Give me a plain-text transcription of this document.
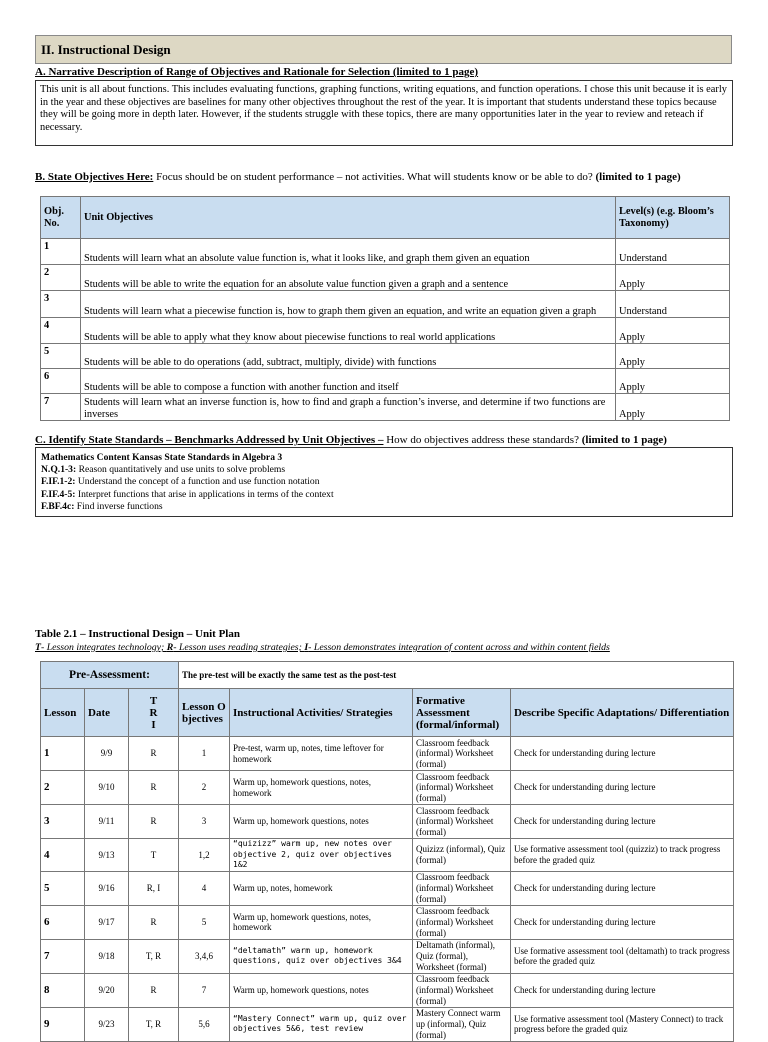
II. Instructional Design
A. Narrative Description of Range of Objectives and Rationale for Selection (limited to 1 page)
This unit is all about functions. This includes evaluating functions, graphing functions, writing equations, and function operations. I chose this unit because it is early in the year and these objectives are baselines for many other objectives throughout the rest of the year. It is important that students understand these topics because they will be going more in depth later. However, if the students struggle with these topics, there are many opportunities later in the year to review and reteach if necessary.
B. State Objectives Here: Focus should be on student performance – not activities. What will students know or be able to do? (limited to 1 page)
Obj. No.	Unit Objectives	Level(s) (e.g. Bloom’s Taxonomy)
1	Students will learn what an absolute value function is, what it looks like, and graph them given an equation	Understand
2	Students will be able to write the equation for an absolute value function given a graph and a sentence	Apply
3	Students will learn what a piecewise function is, how to graph them given an equation, and write an equation given a graph	Understand
4	Students will be able to apply what they know about piecewise functions to real world applications	Apply
5	Students will be able to do operations (add, subtract, multiply, divide) with functions	Apply
6	Students will be able to compose a function with another function and itself	Apply
7	Students will learn what an inverse function is, how to find and graph a function’s inverse, and determine if two functions are inverses	Apply
C. Identify State Standards – Benchmarks Addressed by Unit Objectives – How do objectives address these standards? (limited to 1 page)
Mathematics Content Kansas State Standards in Algebra 3
N.Q.1-3: Reason quantitatively and use units to solve problems
F.IF.1-2: Understand the concept of a function and use function notation
F.IF.4-5: Interpret functions that arise in applications in terms of the context
F.BF.4c: Find inverse functions
Table 2.1 – Instructional Design – Unit Plan
T- Lesson integrates technology; R- Lesson uses reading strategies; I- Lesson demonstrates integration of content across and within content fields
Pre-Assessment:			The pre-test will be exactly the same test as the post-test			
Lesson	Date	T R I	Lesson Objectives	Instructional Activities/ Strategies	Formative Assessment (formal/informal)	Describe Specific Adaptations/ Differentiation
1	9/9	R	1	Pre-test, warm up, notes, time leftover for homework	Classroom feedback (informal) Worksheet (formal)	Check for understanding during lecture
2	9/10	R	2	Warm up, homework questions, notes, homework	Classroom feedback (informal) Worksheet (formal)	Check for understanding during lecture
3	9/11	R	3	Warm up, homework questions, notes	Classroom feedback (informal) Worksheet (formal)	Check for understanding during lecture
4	9/13	T	1,2	“quizizz” warm up, new notes over objective 2, quiz over objectives 1&2	Quizizz (informal), Quiz (formal)	Use formative assessment tool (quizziz) to track progress before the graded quiz
5	9/16	R, I	4	Warm up, notes, homework	Classroom feedback (informal) Worksheet (formal)	Check for understanding during lecture
6	9/17	R	5	Warm up, homework questions, notes, homework	Classroom feedback (informal) Worksheet (formal)	Check for understanding during lecture
7	9/18	T, R	3,4,6	“deltamath” warm up, homework questions, quiz over objectives 3&4	Deltamath (informal), Quiz (formal), Worksheet (formal)	Use formative assessment tool (deltamath) to track progress before the graded quiz
8	9/20	R	7	Warm up, homework questions, notes	Classroom feedback (informal) Worksheet (formal)	Check for understanding during lecture
9	9/23	T, R	5,6	“Mastery Connect” warm up, quiz over objectives 5&6, test review	Mastery Connect warm up (informal), Quiz (formal)	Use formative assessment tool (Mastery Connect) to track progress before the graded quiz
